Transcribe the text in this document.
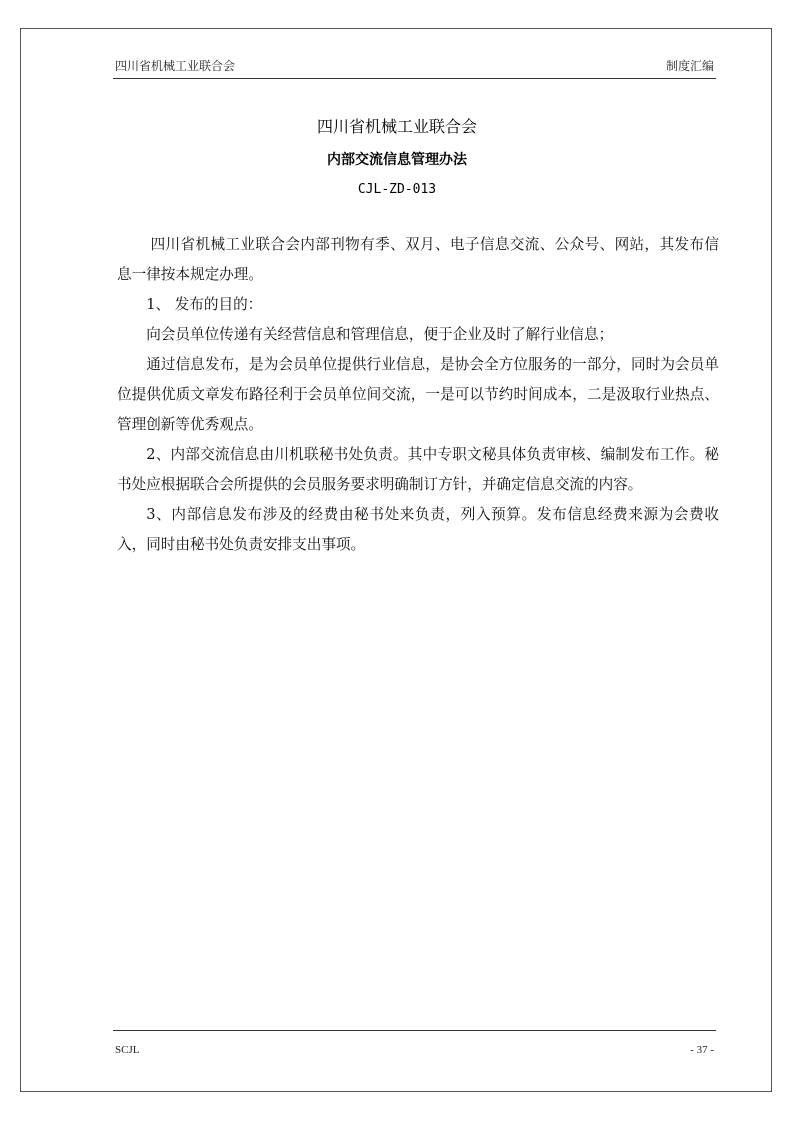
四川省机械工业联合会	制度汇编
四川省机械工业联合会
内部交流信息管理办法
CJL-ZD-013

四川省机械工业联合会内部刊物有季、双月、电子信息交流、公众号、网站，其发布信息一律按本规定办理。

1、 发布的目的：

向会员单位传递有关经营信息和管理信息，便于企业及时了解行业信息；

通过信息发布，是为会员单位提供行业信息，是协会全方位服务的一部分，同时为会员单位提供优质文章发布路径利于会员单位间交流，一是可以节约时间成本，二是汲取行业热点、管理创新等优秀观点。

2、内部交流信息由川机联秘书处负责。其中专职文秘具体负责审核、编制发布工作。秘书处应根据联合会所提供的会员服务要求明确制订方针，并确定信息交流的内容。

3、内部信息发布涉及的经费由秘书处来负责，列入预算。发布信息经费来源为会费收入，同时由秘书处负责安排支出事项。

SCJL	- 37 -
